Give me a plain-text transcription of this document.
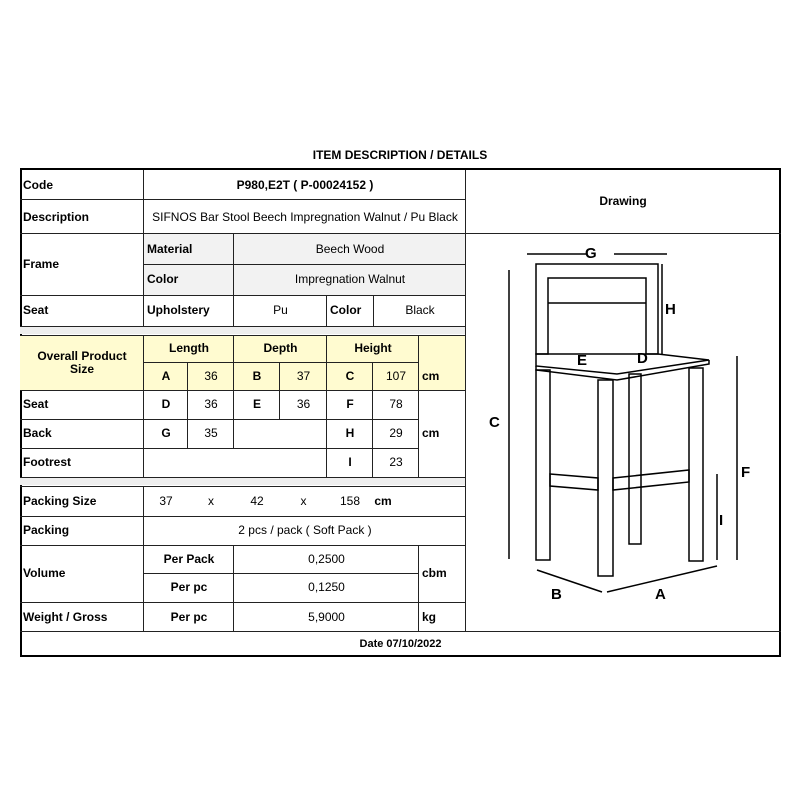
ITEM DESCRIPTION / DETAILS
Code	P980,E2T ( P-00024152 )
Description	SIFNOS Bar Stool Beech Impregnation Walnut / Pu Black
Drawing
Frame
Material	Beech Wood
Color	Impregnation Walnut
Seat	Upholstery	Pu	Color	Black
Overall Product Size
Length	Depth	Height
A	36	B	37	C	107	cm
Seat	D	36	E	36	F	78
Back	G	35	H	29	cm
Footrest	I	23
Packing Size	37	x	42	x	158	cm
Packing	2 pcs / pack ( Soft Pack )
Volume
Per Pack	0,2500
Per pc	0,1250
cbm
Weight / Gross	Per pc	5,9000	kg
Date 07/10/2022
G
H
E	D
C
F
I
B	A
